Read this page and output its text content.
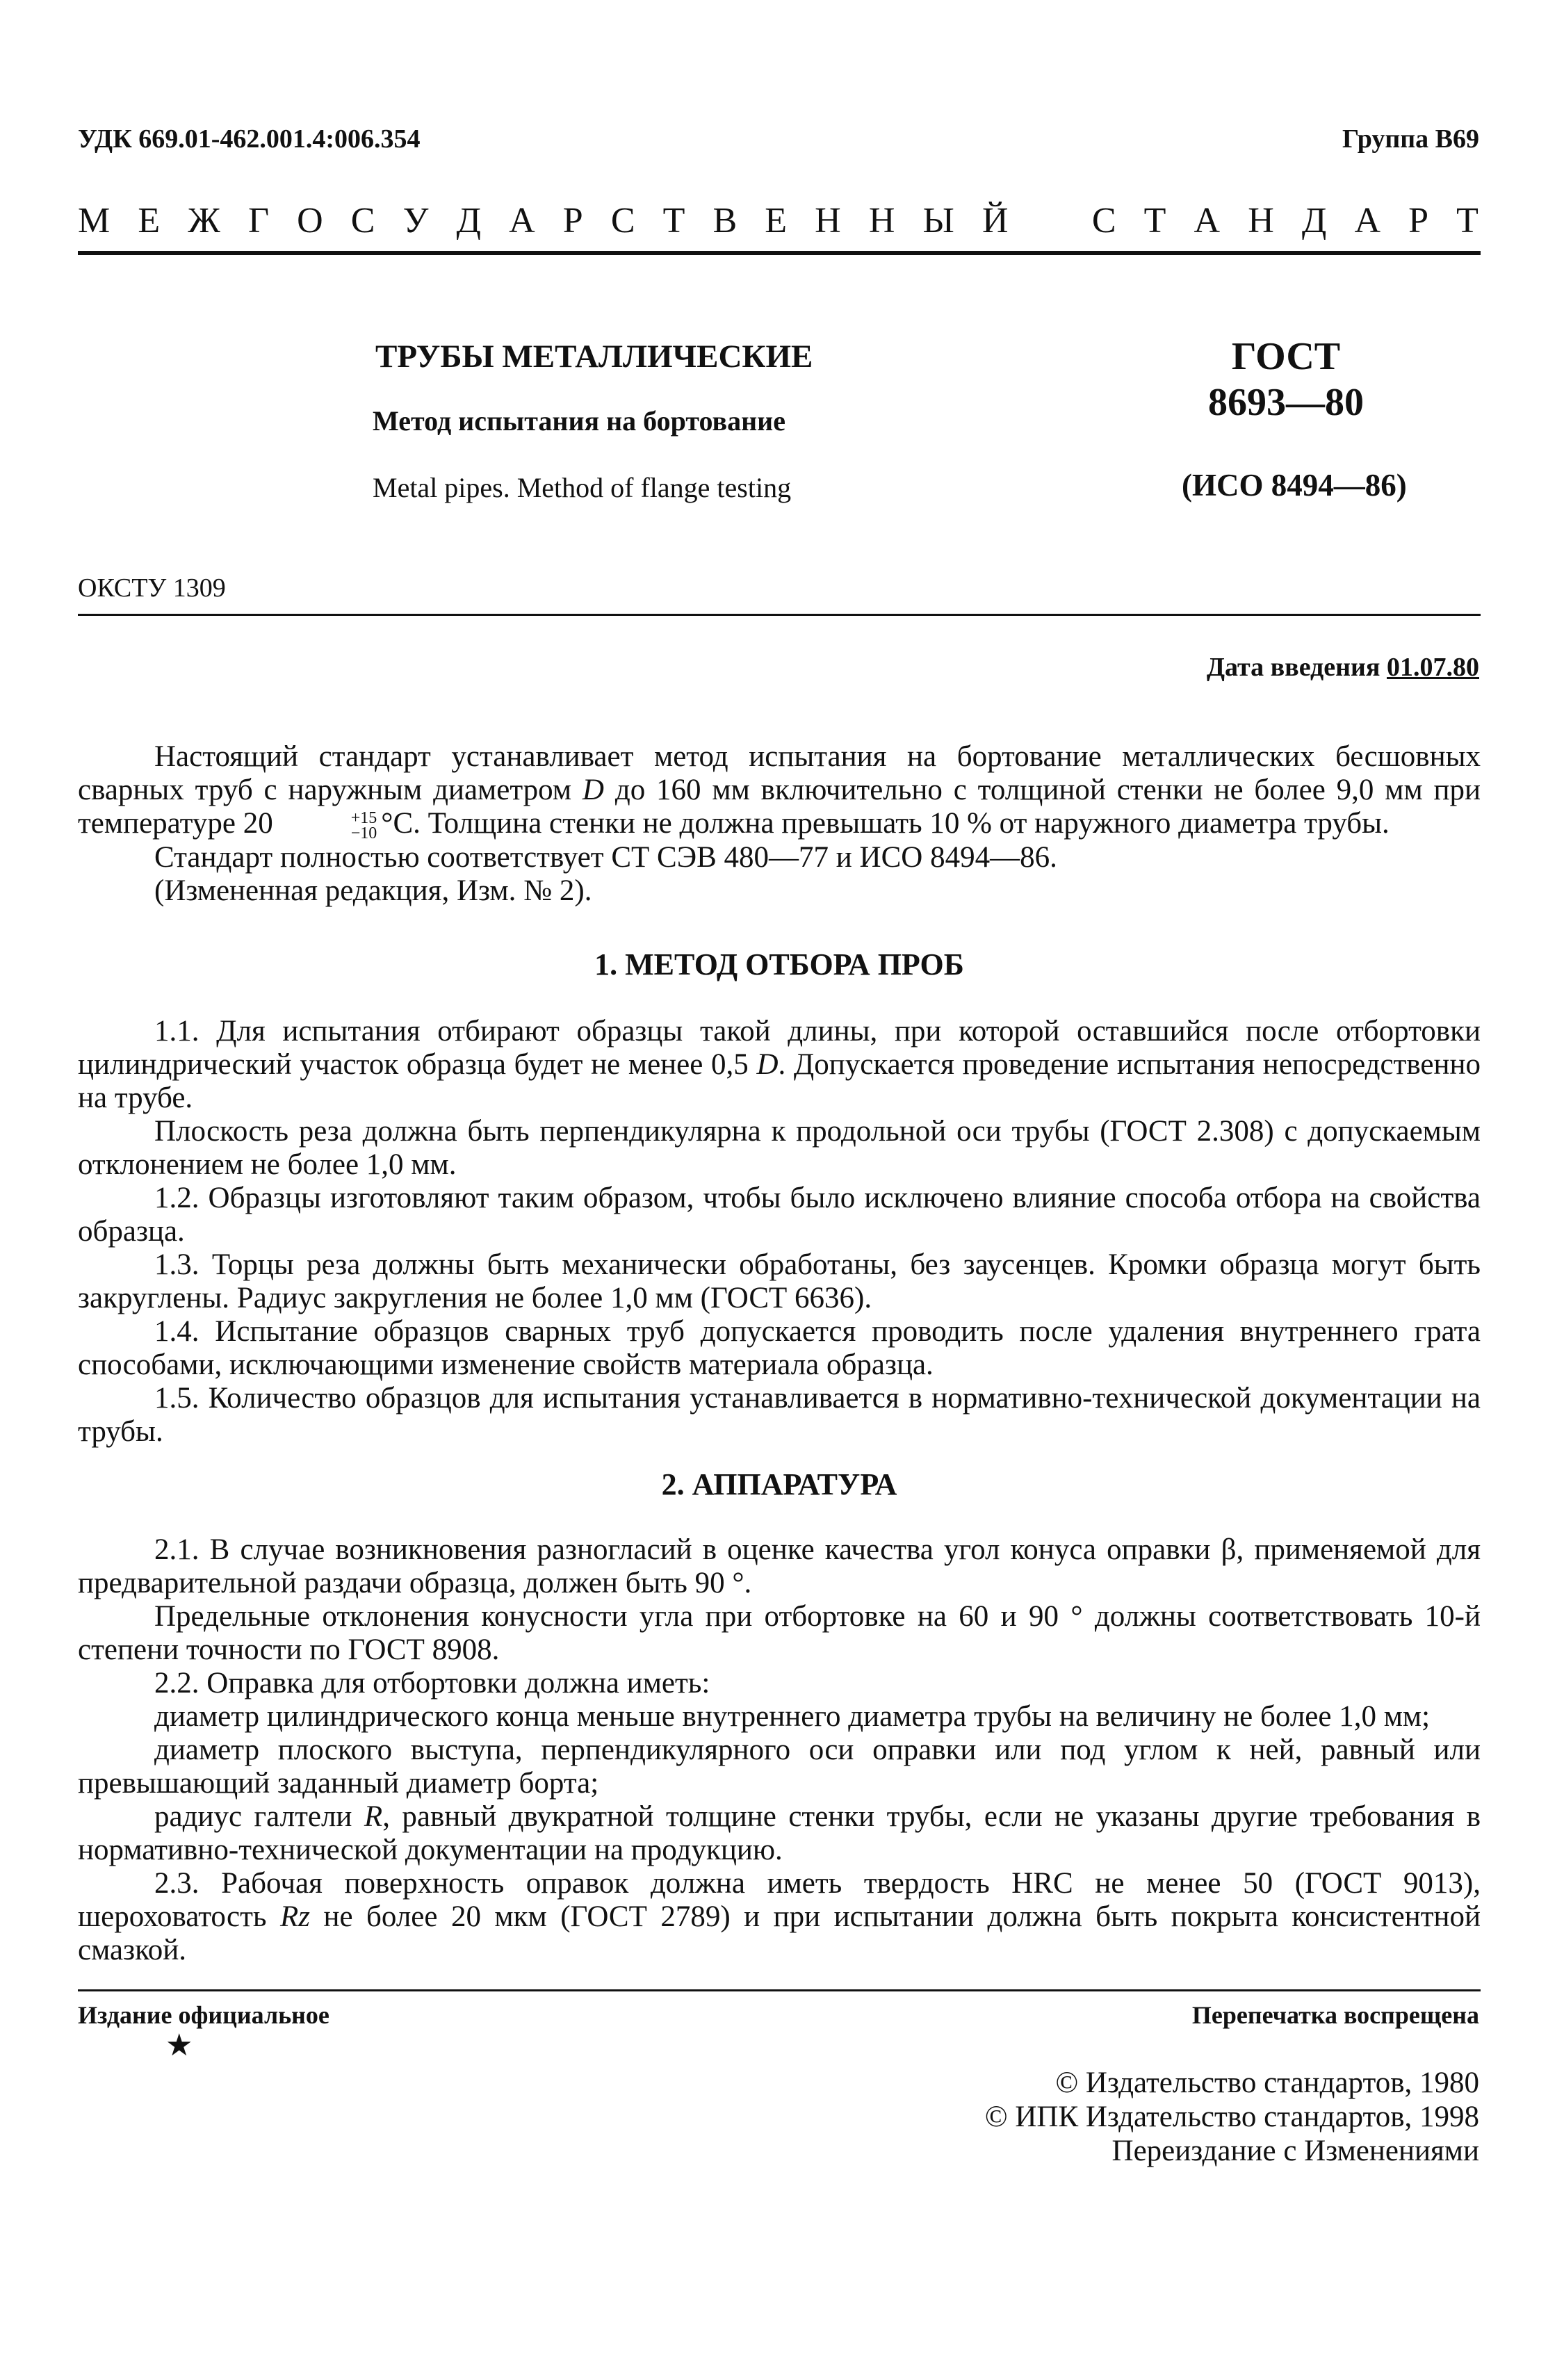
УДК 669.01-462.001.4:006.354	Группа В69
М Е Ж Г О С У Д А Р С Т В Е Н Н Ы Й С Т А Н Д А Р Т
ТРУБЫ МЕТАЛЛИЧЕСКИЕ
Метод испытания на бортование
Metal pipes. Method of flange testing
ГОСТ
8693—80
(ИСО 8494—86)
ОКСТУ 1309
Дата введения 01.07.80

Настоящий стандарт устанавливает метод испытания на бортование металлических бесшовных сварных труб с наружным диаметром D до 160 мм включительно с толщиной стенки не более 9,0 мм при температуре 20	+15
−10 °С. Толщина стенки не должна превышать 10 % от наружного диаметра трубы.

Стандарт полностью соответствует СТ СЭВ 480—77 и ИСО 8494—86.

(Измененная редакция, Изм. № 2).

1. МЕТОД ОТБОРА ПРОБ

1.1. Для испытания отбирают образцы такой длины, при которой оставшийся после отбортовки цилиндрический участок образца будет не менее 0,5 D. Допускается проведение испытания непосредственно на трубе.

Плоскость реза должна быть перпендикулярна к продольной оси трубы (ГОСТ 2.308) с допускаемым отклонением не более 1,0 мм.

1.2. Образцы изготовляют таким образом, чтобы было исключено влияние способа отбора на свойства образца.

1.3. Торцы реза должны быть механически обработаны, без заусенцев. Кромки образца могут быть закруглены. Радиус закругления не более 1,0 мм (ГОСТ 6636).

1.4. Испытание образцов сварных труб допускается проводить после удаления внутреннего грата способами, исключающими изменение свойств материала образца.

1.5. Количество образцов для испытания устанавливается в нормативно-технической документации на трубы.

2. АППАРАТУРА

2.1. В случае возникновения разногласий в оценке качества угол конуса оправки β, применяемой для предварительной раздачи образца, должен быть 90 °.

Предельные отклонения конусности угла при отбортовке на 60 и 90 ° должны соответствовать 10-й степени точности по ГОСТ 8908.

2.2. Оправка для отбортовки должна иметь:

диаметр цилиндрического конца меньше внутреннего диаметра трубы на величину не более 1,0 мм;

диаметр плоского выступа, перпендикулярного оси оправки или под углом к ней, равный или превышающий заданный диаметр борта;

радиус галтели R, равный двукратной толщине стенки трубы, если не указаны другие требования в нормативно-технической документации на продукцию.

2.3. Рабочая поверхность оправок должна иметь твердость HRC не менее 50 (ГОСТ 9013), шероховатость Rz не более 20 мкм (ГОСТ 2789) и при испытании должна быть покрыта консистентной смазкой.

Издание официальное
★
Перепечатка воспрещена
© Издательство стандартов, 1980
© ИПК Издательство стандартов, 1998
Переиздание с Изменениями
